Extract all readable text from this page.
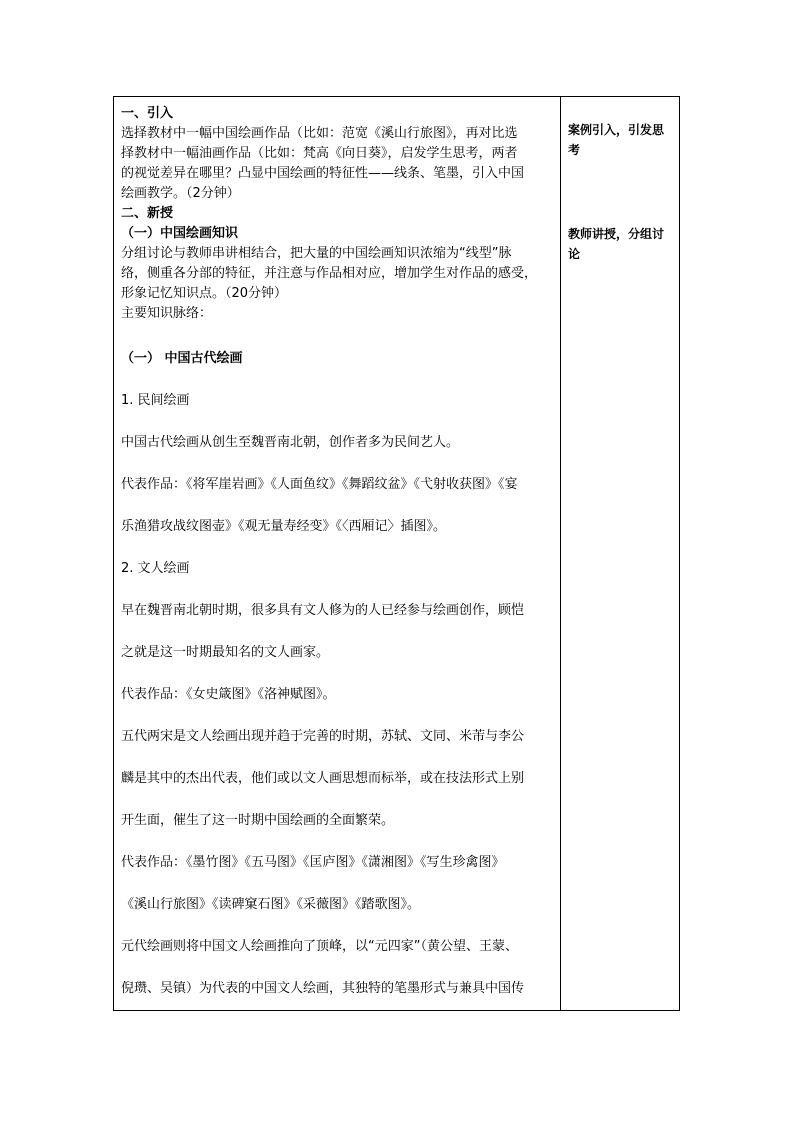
一、引入
选择教材中一幅中国绘画作品（比如：范宽《溪山行旅图》，再对比选
择教材中一幅油画作品（比如：梵高《向日葵》，启发学生思考，两者
的视觉差异在哪里？凸显中国绘画的特征性——线条、笔墨，引入中国
绘画教学。（2分钟）
二、新授
（一）中国绘画知识
分组讨论与教师串讲相结合，把大量的中国绘画知识浓缩为“线型”脉
络，侧重各分部的特征，并注意与作品相对应，增加学生对作品的感受，
形象记忆知识点。（20分钟）
主要知识脉络：
（一） 中国古代绘画
1. 民间绘画
中国古代绘画从创生至魏晋南北朝，创作者多为民间艺人。
代表作品：《将军崖岩画》《人面鱼纹》《舞蹈纹盆》《弋射收获图》《宴
乐渔猎攻战纹图壶》《观无量寿经变》《〈西厢记〉插图》。
2. 文人绘画
早在魏晋南北朝时期，很多具有文人修为的人已经参与绘画创作，顾恺
之就是这一时期最知名的文人画家。
代表作品：《女史箴图》《洛神赋图》。
五代两宋是文人绘画出现并趋于完善的时期，苏轼、文同、米芾与李公
麟是其中的杰出代表，他们或以文人画思想而标举，或在技法形式上别
开生面，催生了这一时期中国绘画的全面繁荣。
代表作品：《墨竹图》《五马图》《匡庐图》《潇湘图》《写生珍禽图》
《溪山行旅图》《读碑窠石图》《采薇图》《踏歌图》。
元代绘画则将中国文人绘画推向了顶峰，以“元四家”（黄公望、王蒙、
倪瓒、吴镇）为代表的中国文人绘画，其独特的笔墨形式与兼具中国传
案例引入，引发思
考
教师讲授，分组讨
论
